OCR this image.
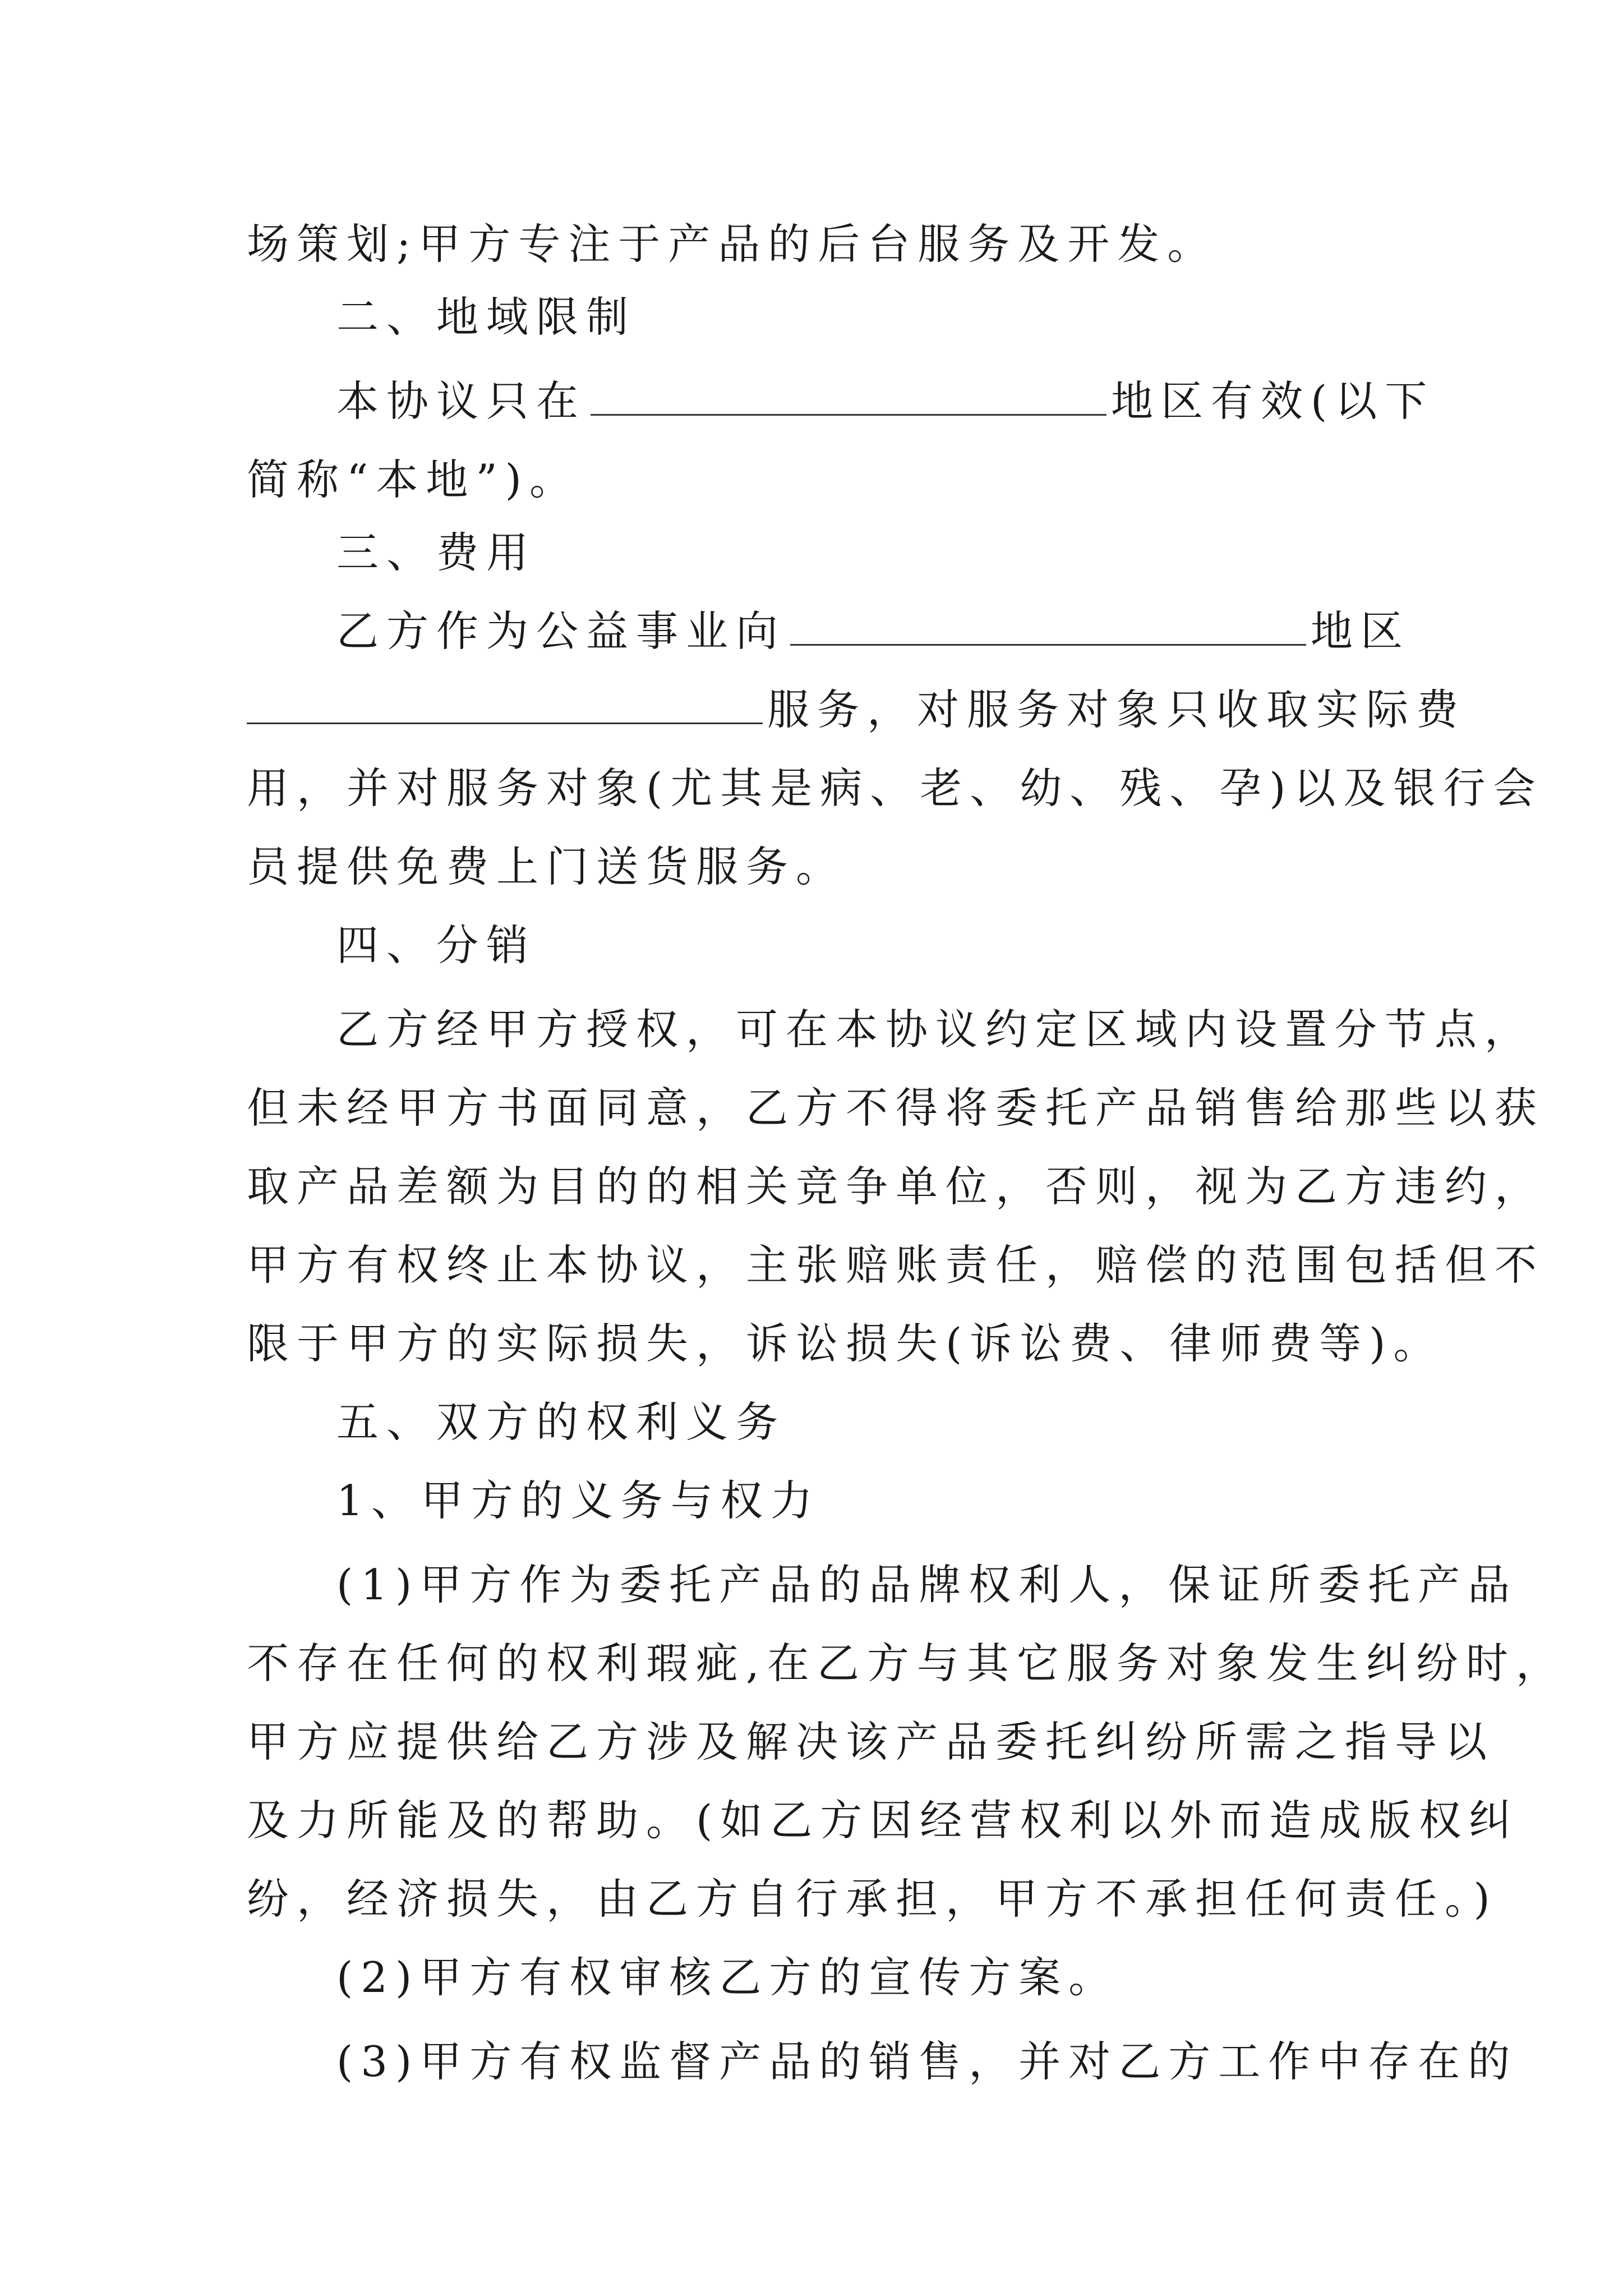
场策划;甲方专注于产品的后台服务及开发。
二、地域限制
本协议只在	地区有效(以下
简称“本地”)。
三、费用
乙方作为公益事业向	地区
服务，对服务对象只收取实际费
用，并对服务对象(尤其是病、老、幼、残、孕)以及银行会
员提供免费上门送货服务。
四、分销
乙方经甲方授权，可在本协议约定区域内设置分节点，
但未经甲方书面同意，乙方不得将委托产品销售给那些以获
取产品差额为目的的相关竞争单位，否则，视为乙方违约，
甲方有权终止本协议，主张赔账责任，赔偿的范围包括但不
限于甲方的实际损失，诉讼损失(诉讼费、律师费等)。
五、双方的权利义务
1、甲方的义务与权力
(1)甲方作为委托产品的品牌权利人，保证所委托产品
不存在任何的权利瑕疵,在乙方与其它服务对象发生纠纷时，
甲方应提供给乙方涉及解决该产品委托纠纷所需之指导以
及力所能及的帮助。(如乙方因经营权利以外而造成版权纠
纷，经济损失，由乙方自行承担，甲方不承担任何责任。)
(2)甲方有权审核乙方的宣传方案。
(3)甲方有权监督产品的销售，并对乙方工作中存在的
